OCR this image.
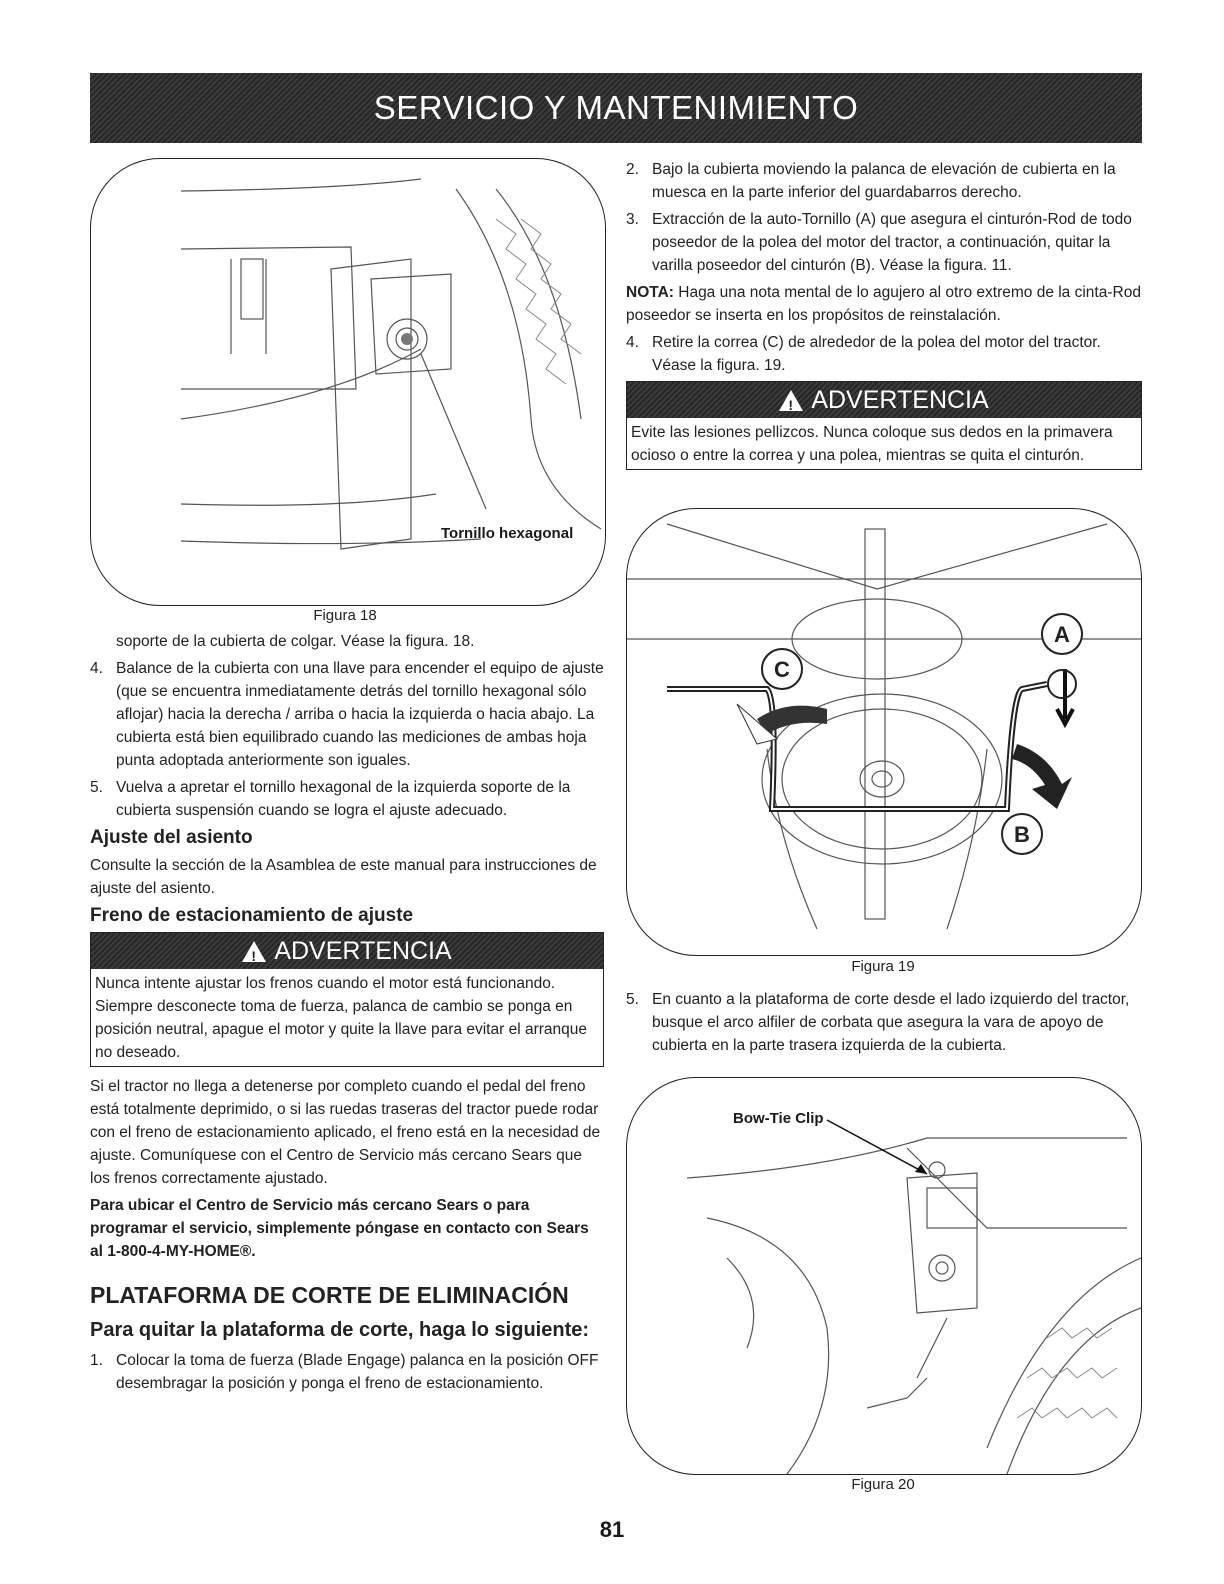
SERVICIO Y MANTENIMIENTO
Tornillo hexagonal
Figura 18

soporte de la cubierta de colgar. Véase la figura. 18.

4. Balance de la cubierta con una llave para encender el equipo de ajuste (que se encuentra inmediatamente detrás del tornillo hexagonal sólo aflojar) hacia la derecha / arriba o hacia la izquierda o hacia abajo. La cubierta está bien equilibrado cuando las mediciones de ambas hoja punta adoptada anteriormente son iguales.
5. Vuelva a apretar el tornillo hexagonal de la izquierda soporte de la cubierta suspensión cuando se logra el ajuste adecuado.
Ajuste del asiento

Consulte la sección de la Asamblea de este manual para instrucciones de ajuste del asiento.

Freno de estacionamiento de ajuste
!
ADVERTENCIA
Nunca intente ajustar los frenos cuando el motor está funcionando. Siempre desconecte toma de fuerza, palanca de cambio se ponga en posición neutral, apague el motor y quite la llave para evitar el arranque no deseado.

Si el tractor no llega a detenerse por completo cuando el pedal del freno está totalmente deprimido, o si las ruedas traseras del tractor puede rodar con el freno de estacionamiento aplicado, el freno está en la necesidad de ajuste. Comuníquese con el Centro de Servicio más cercano Sears que los frenos correctamente ajustado.

Para ubicar el Centro de Servicio más cercano Sears o para programar el servicio, simplemente póngase en contacto con Sears al 1-800-4-MY-HOME®.

PLATAFORMA DE CORTE DE ELIMINACIÓN
Para quitar la plataforma de corte, haga lo siguiente:
1. Colocar la toma de fuerza (Blade Engage) palanca en la posición OFF desembragar la posición y ponga el freno de estacionamiento.
2. Bajo la cubierta moviendo la palanca de elevación de cubierta en la muesca en la parte inferior del guardabarros derecho.
3. Extracción de la auto-Tornillo (A) que asegura el cinturón-Rod de todo poseedor de la polea del motor del tractor, a continuación, quitar la varilla poseedor del cinturón (B). Véase la figura. 11.

NOTA: Haga una nota mental de lo agujero al otro extremo de la cinta-Rod poseedor se inserta en los propósitos de reinstalación.

4. Retire la correa (C) de alrededor de la polea del motor del tractor. Véase la figura. 19.
!
ADVERTENCIA
Evite las lesiones pellizcos. Nunca coloque sus dedos en la primavera ocioso o entre la correa y una polea, mientras se quita el cinturón.
A
B
C
Figura 19
5. En cuanto a la plataforma de corte desde el lado izquierdo del tractor, busque el arco alfiler de corbata que asegura la vara de apoyo de cubierta en la parte trasera izquierda de la cubierta.
Bow-Tie Clip
Figura 20
81
